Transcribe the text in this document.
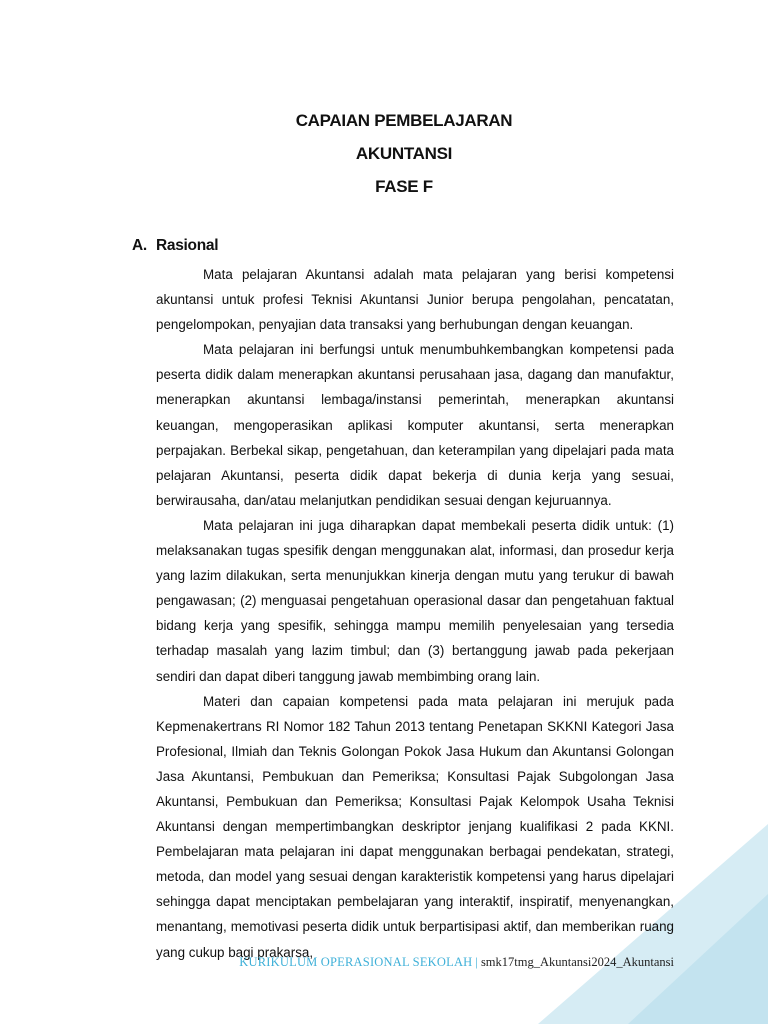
CAPAIAN PEMBELAJARAN
AKUNTANSI
FASE F
A. Rasional

Mata pelajaran Akuntansi adalah mata pelajaran yang berisi kompetensi akuntansi untuk profesi Teknisi Akuntansi Junior berupa pengolahan, pencatatan, pengelompokan, penyajian data transaksi yang berhubungan dengan keuangan.

Mata pelajaran ini berfungsi untuk menumbuhkembangkan kompetensi pada peserta didik dalam menerapkan akuntansi perusahaan jasa, dagang dan manufaktur, menerapkan akuntansi lembaga/instansi pemerintah, menerapkan akuntansi keuangan, mengoperasikan aplikasi komputer akuntansi, serta menerapkan perpajakan. Berbekal sikap, pengetahuan, dan keterampilan yang dipelajari pada mata pelajaran Akuntansi, peserta didik dapat bekerja di dunia kerja yang sesuai, berwirausaha, dan/atau melanjutkan pendidikan sesuai dengan kejuruannya.

Mata pelajaran ini juga diharapkan dapat membekali peserta didik untuk: (1) melaksanakan tugas spesifik dengan menggunakan alat, informasi, dan prosedur kerja yang lazim dilakukan, serta menunjukkan kinerja dengan mutu yang terukur di bawah pengawasan; (2) menguasai pengetahuan operasional dasar dan pengetahuan faktual bidang kerja yang spesifik, sehingga mampu memilih penyelesaian yang tersedia terhadap masalah yang lazim timbul; dan (3) bertanggung jawab pada pekerjaan sendiri dan dapat diberi tanggung jawab membimbing orang lain.

Materi dan capaian kompetensi pada mata pelajaran ini merujuk pada Kepmenakertrans RI Nomor 182 Tahun 2013 tentang Penetapan SKKNI Kategori Jasa Profesional, Ilmiah dan Teknis Golongan Pokok Jasa Hukum dan Akuntansi Golongan Jasa Akuntansi, Pembukuan dan Pemeriksa; Konsultasi Pajak Subgolongan Jasa Akuntansi, Pembukuan dan Pemeriksa; Konsultasi Pajak Kelompok Usaha Teknisi Akuntansi dengan mempertimbangkan deskriptor jenjang kualifikasi 2 pada KKNI. Pembelajaran mata pelajaran ini dapat menggunakan berbagai pendekatan, strategi, metoda, dan model yang sesuai dengan karakteristik kompetensi yang harus dipelajari sehingga dapat menciptakan pembelajaran yang interaktif, inspiratif, menyenangkan, menantang, memotivasi peserta didik untuk berpartisipasi aktif, dan memberikan ruang yang cukup bagi prakarsa,

KURIKULUM OPERASIONAL SEKOLAH | smk17tmg_Akuntansi2024_Akuntansi
